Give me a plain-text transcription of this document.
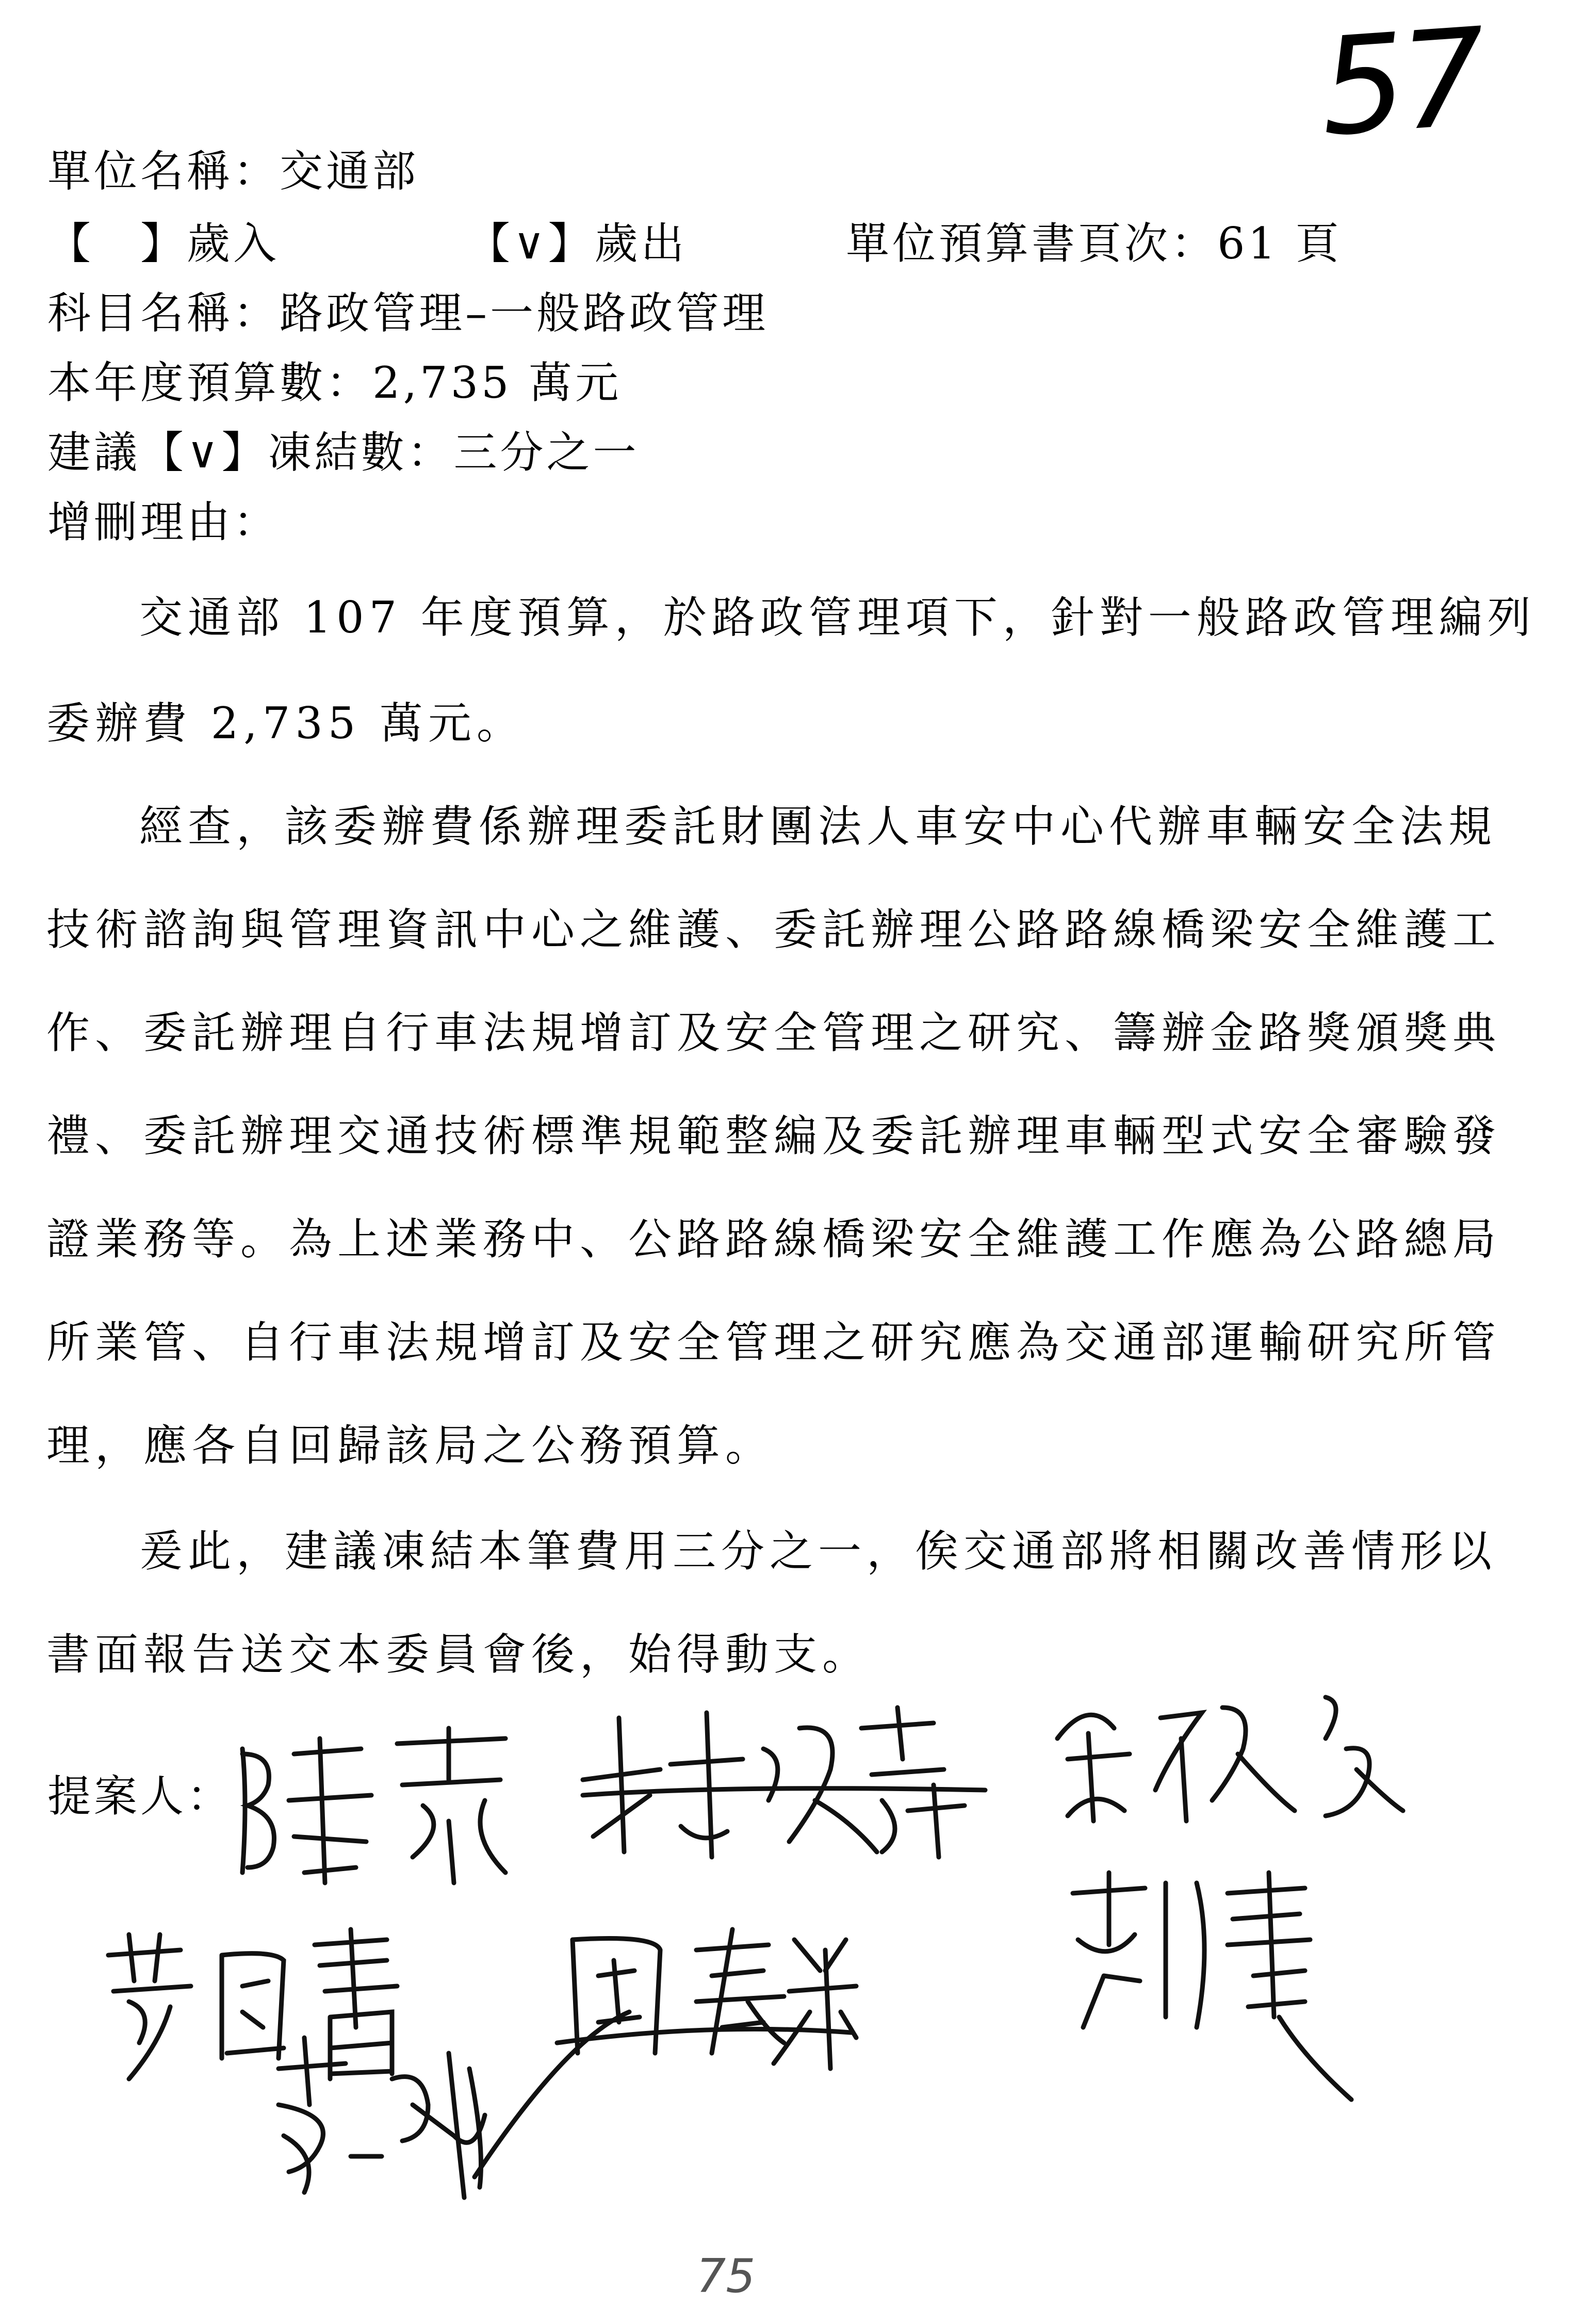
57
單位名稱：交通部
【　】歲入	【∨】歲出	單位預算書頁次：61 頁
科目名稱：路政管理–一般路政管理
本年度預算數：2,735 萬元
建議【∨】凍結數：三分之一
增刪理由：
交通部 107 年度預算，於路政管理項下，針對一般路政管理編列
委辦費 2,735 萬元。
經查，該委辦費係辦理委託財團法人車安中心代辦車輛安全法規
技術諮詢與管理資訊中心之維護、委託辦理公路路線橋梁安全維護工
作、委託辦理自行車法規增訂及安全管理之研究、籌辦金路獎頒獎典
禮、委託辦理交通技術標準規範整編及委託辦理車輛型式安全審驗發
證業務等。為上述業務中、公路路線橋梁安全維護工作應為公路總局
所業管、自行車法規增訂及安全管理之研究應為交通部運輸研究所管
理，應各自回歸該局之公務預算。
爰此，建議凍結本筆費用三分之一，俟交通部將相關改善情形以
書面報告送交本委員會後，始得動支。
提案人：
75
